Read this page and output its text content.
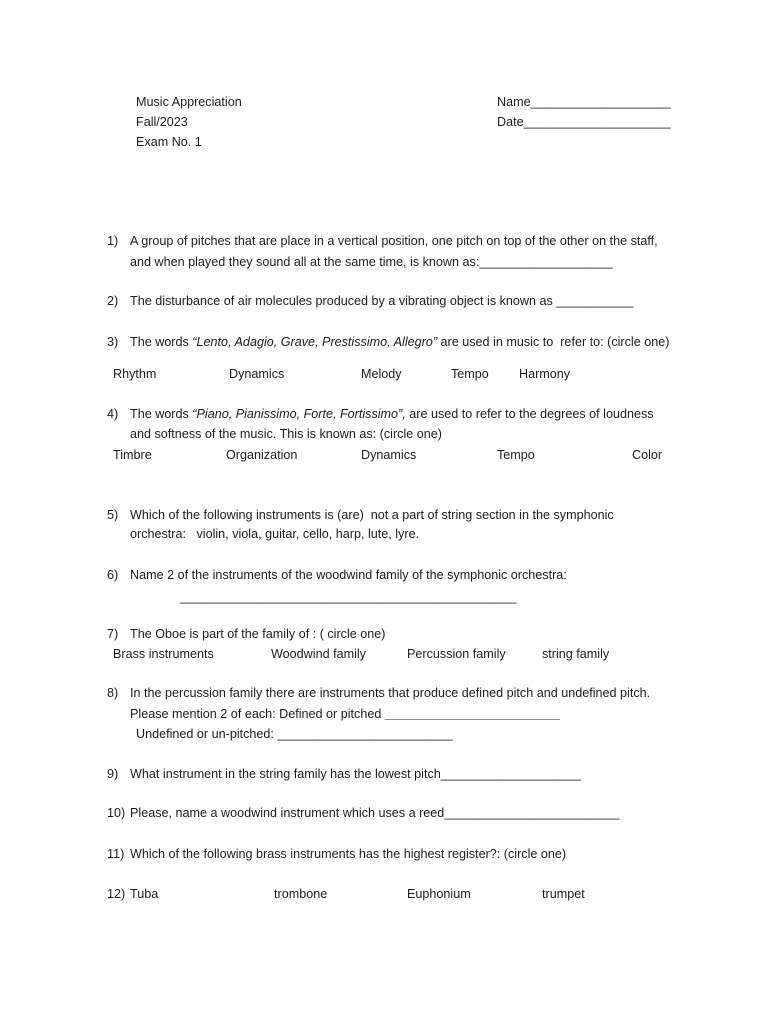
Music Appreciation
Fall/2023
Exam No. 1
Name____________________
Date_____________________
1) A group of pitches that are place in a vertical position, one pitch on top of the other on the staff,
and when played they sound all at the same time, is known as:___________________
2) The disturbance of air molecules produced by a vibrating object is known as ___________
3) The words “Lento, Adagio, Grave, Prestissimo, Allegro” are used in music to  refer to: (circle one)
Rhythm	Dynamics	Melody	Tempo Harmony
4) The words “Piano, Pianissimo, Forte, Fortissimo”, are used to refer to the degrees of loudness
and softness of the music. This is known as: (circle one)
Timbre	Organization	Dynamics	Tempo	Color
5) Which of the following instruments is (are)  not a part of string section in the symphonic
orchestra:   violin, viola, guitar, cello, harp, lute, lyre.
6) Name 2 of the instruments of the woodwind family of the symphonic orchestra:
________________________________________________
7) The Oboe is part of the family of : ( circle one)
Brass instruments	Woodwind family	Percussion family	string family
8) In the percussion family there are instruments that produce defined pitch and undefined pitch.
Please mention 2 of each: Defined or pitched _________________________
Undefined or un-pitched: _________________________
9) What instrument in the string family has the lowest pitch____________________
10) Please, name a woodwind instrument which uses a reed_________________________
11) Which of the following brass instruments has the highest register?: (circle one)
12) Tuba	trombone	Euphonium	trumpet
